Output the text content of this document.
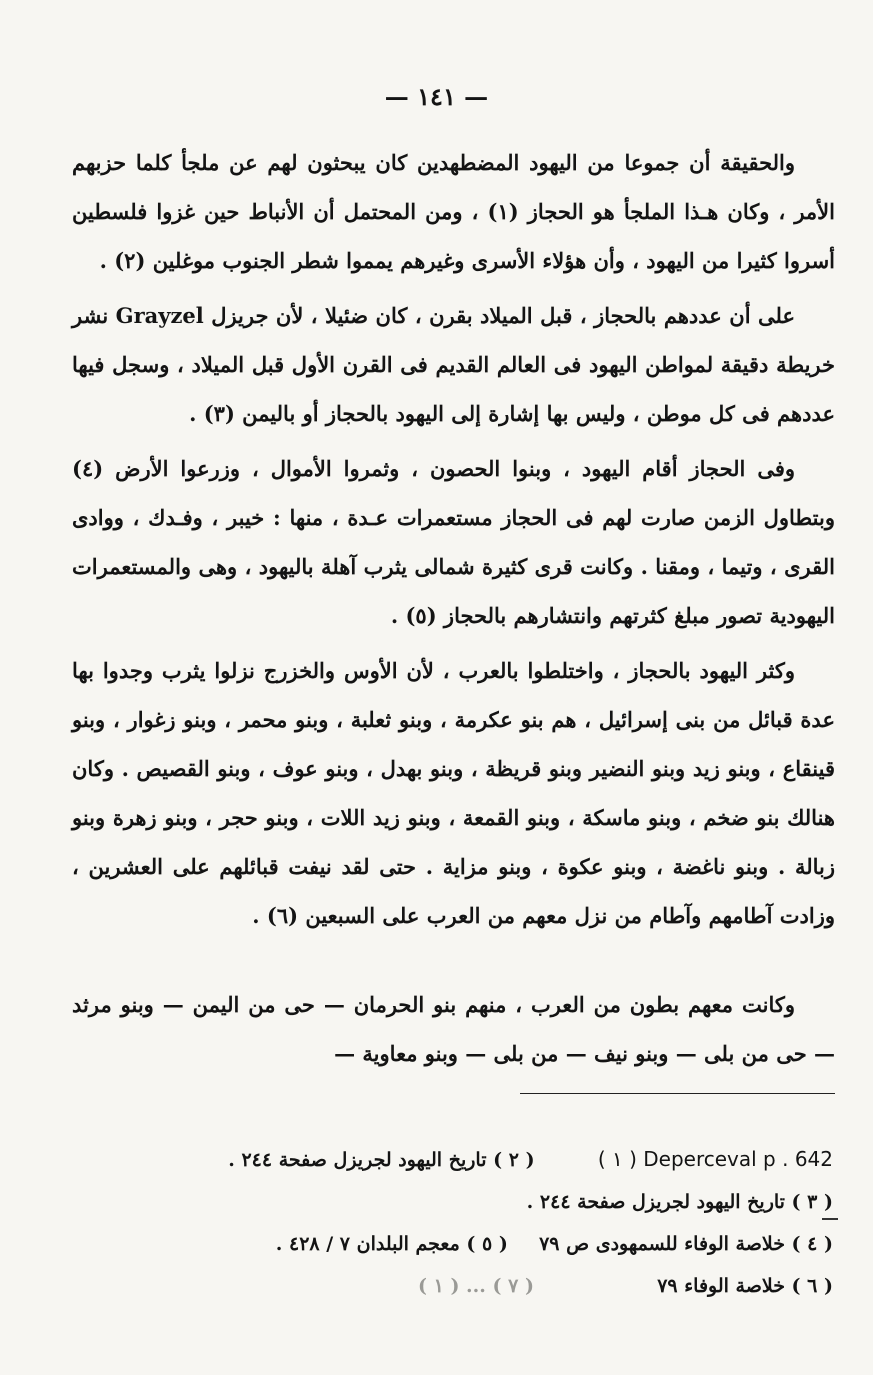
— ١٤١ —

والحقيقة أن جموعا من اليهود المضطهدين كان يبحثون لهم عن ملجأ كلما حزبهم الأمر ، وكان هـذا الملجأ هو الحجاز (١) ، ومن المحتمل أن الأنباط حين غزوا فلسطين أسروا كثيرا من اليهود ، وأن هؤلاء الأسرى وغيرهم يمموا شطر الجنوب موغلين (٢) .

على أن عددهم بالحجاز ، قبل الميلاد بقرن ، كان ضئيلا ، لأن جريزل Grayzel نشر خريطة دقيقة لمواطن اليهود فى العالم القديم فى القرن الأول قبل الميلاد ، وسجل فيها عددهم فى كل موطن ، وليس بها إشارة إلى اليهود بالحجاز أو باليمن (٣) .

وفى الحجاز أقام اليهود ، وبنوا الحصون ، وثمروا الأموال ، وزرعوا الأرض (٤) وبتطاول الزمن صارت لهم فى الحجاز مستعمرات عـدة ، منها : خيبر ، وفـدك ، ووادى القرى ، وتيما ، ومقنا . وكانت قرى كثيرة شمالى يثرب آهلة باليهود ، وهى والمستعمرات اليهودية تصور مبلغ كثرتهم وانتشارهم بالحجاز (٥) .

وكثر اليهود بالحجاز ، واختلطوا بالعرب ، لأن الأوس والخزرج نزلوا يثرب وجدوا بها عدة قبائل من بنى إسرائيل ، هم بنو عكرمة ، وبنو ثعلبة ، وبنو محمر ، وبنو زغوار ، وبنو قينقاع ، وبنو زيد وبنو النضير وبنو قريظة ، وبنو بهدل ، وبنو عوف ، وبنو القصيص . وكان هنالك بنو ضخم ، وبنو ماسكة ، وبنو القمعة ، وبنو زيد اللات ، وبنو حجر ، وبنو زهرة وبنو زبالة . وبنو ناغضة ، وبنو عكوة ، وبنو مزاية . حتى لقد نيفت قبائلهم على العشرين ، وزادت آطامهم وآطام من نزل معهم من العرب على السبعين (٦) .

وكانت معهم بطون من العرب ، منهم بنو الحرمان — حى من اليمن — وبنو مرثد — حى من بلى — وبنو نيف — من بلى — وبنو معاوية —

( ١ ) Deperceval p . 642  ( ٢ ) تاريخ اليهود لجريزل صفحة ٢٤٤ .
( ٣ ) تاريخ اليهود لجريزل صفحة ٢٤٤ .
( ٤ ) خلاصة الوفاء للسمهودى ص ٧٩  ( ٥ ) معجم البلدان ٧ / ٤٢٨ .
( ٦ ) خلاصة الوفاء ٧٩  ( ٧ ) ... ( ١ )
